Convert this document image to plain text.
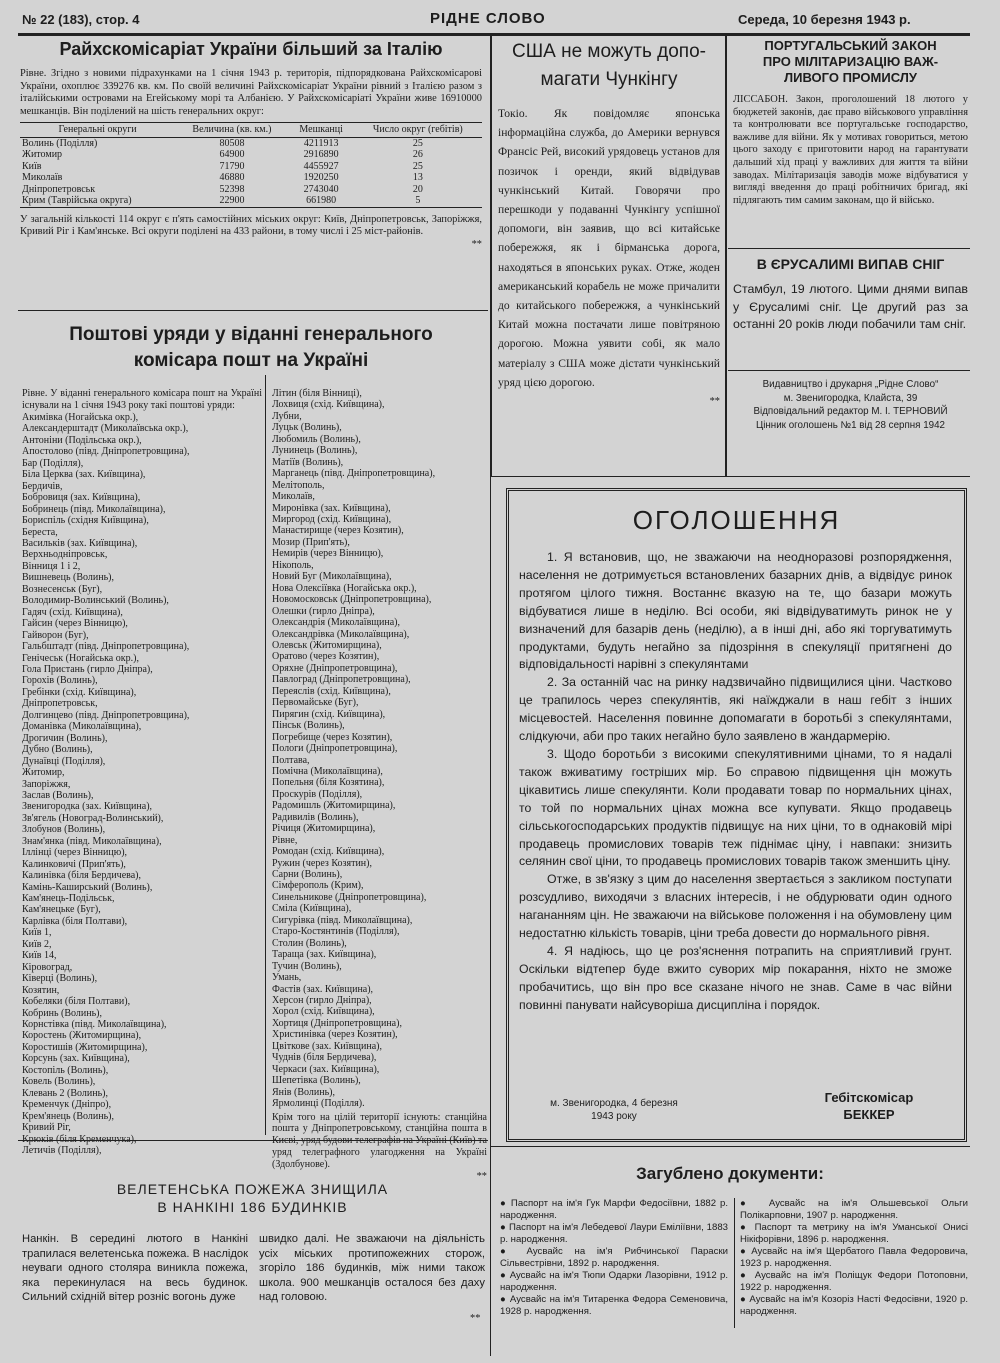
№ 22 (183), стор. 4	РІДНЕ СЛОВО	Середа, 10 березня 1943 р.
Райхскомісаріат України більший за Італію
Рівне. Згідно з новими підрахунками на 1 січня 1943 р. територія, підпорядкована Райхскомісарові України, охоплює 339276 кв. км. По своїй величині Райхскомісаріат України рівний з Італією разом з італійськими островами на Егейському морі та Албанією. У Райхскомісаріаті України живе 16910000 мешканців. Він поділений на шість генеральних округ:
Генеральні округи	Величина (кв. км.)	Мешканці	Число округ (гебітів)
Волинь (Поділля)	80508	4211913	25
Житомир	64900	2916890	26
Київ	71790	4455927	25
Миколаїв	46880	1920250	13
Дніпропетровськ	52398	2743040	20
Крим (Таврійська округа)	22900	661980	5
У загальній кількості 114 округ є п'ять самостійних міських округ: Київ, Дніпропетровськ, Запоріжжя, Кривий Ріг і Кам'янське. Всі округи поділені на 433 райони, в тому числі і 25 міст-районів.
**
США не можуть допо-
магати Чункінгу
Токіо. Як повідомляє японська інформаційна служба, до Америки вернувся Франсіс Рей, високий урядовець установ для позичок і оренди, який відвідував чункінський Китай. Говорячи про перешкоди у подаванні Чункінгу успішної допомоги, він заявив, що всі китайське побережжя, як і бірманська дорога, находяться в японських руках. Отже, жоден американський корабель не може причалити до китайського побережжя, а чункінський Китай можна постачати лише повітряною дорогою. Можна уявити собі, як мало матеріалу з США може дістати чункінський уряд цією дорогою.
**
ПОРТУГАЛЬСЬКИЙ ЗАКОН
ПРО МІЛІТАРИЗАЦІЮ ВАЖ-
ЛИВОГО ПРОМИСЛУ
ЛІССАБОН. Закон, проголошений 18 лютого у бюджетей законів, дає право військового управління та контролювати все португальське господарство, важливе для війни. Як у мотивах говориться, метою цього заходу є приготовити народ на гарантувати дальший хід праці у важливих для життя та війни заводах. Мілітаризація заводів може відбуватися у вигляді введення до праці робітничих бригад, які підлягають тим самим законам, що й військо.
В ЄРУСАЛИМІ ВИПАВ СНІГ
Стамбул, 19 лютого. Цими днями випав у Єрусалимі сніг. Це другий раз за останні 20 років люди побачили там сніг.
Видавництво і друкарня „Рідне Слово“
м. Звенигородка, Клайста, 39
Відповідальний редактор М. І. ТЕРНОВИЙ
Цінник оголошень №1 від 28 серпня 1942
Поштові уряди у віданні генерального
комісара пошт на Україні
Рівне. У віданні генерального комісара пошт на Україні існували на 1 січня 1943 року такі поштові уряди:
Акимівка (Ногайська окр.),
Александерштадт (Миколаївська окр.),
Антоніни (Подільська окр.),
Апостолово (півд. Дніпропетровщина),
Бар (Поділля),
Біла Церква (зах. Київщина),
Бердичів,
Бобровиця (зах. Київщина),
Бобринець (півд. Миколаївщина),
Бориспіль (східня Київщина),
Береста,
Васильків (зах. Київщина),
Верхньодніпровськ,
Вінниця 1 і 2,
Вишневець (Волинь),
Вознесенськ (Буг),
Володимир-Волинський (Волинь),
Гадяч (схід. Київщина),
Гайсин (через Вінницю),
Гайворон (Буг),
Гальбштадт (півд. Дніпропетровщина),
Генічеськ (Ногайська окр.),
Гола Пристань (гирло Дніпра),
Горохів (Волинь),
Гребінки (схід. Київщина),
Дніпропетровськ,
Долгинцево (півд. Дніпропетровщина),
Доманівка (Миколаївщина),
Дрогичин (Волинь),
Дубно (Волинь),
Дунаївці (Поділля),
Житомир,
Запоріжжя,
Заслав (Волинь),
Звенигородка (зах. Київщина),
Зв'ягель (Новоград-Волинський),
Злобунов (Волинь),
Знам'янка (півд. Миколаївщина),
Іллінці (через Вінницю),
Калинковичі (Прип'ять),
Калинівка (біля Бердичева),
Камінь-Каширський (Волинь),
Кам'янець-Подільськ,
Кам'янецьке (Буг),
Карлівка (біля Полтави),
Київ 1,
Київ 2,
Київ 14,
Кіровоград,
Ківерці (Волинь),
Козятин,
Кобеляки (біля Полтави),
Кобринь (Волинь),
Корнстівка (півд. Миколаївщина),
Коростень (Житомирщина),
Коростишів (Житомирщина),
Корсунь (зах. Київщина),
Костопіль (Волинь),
Ковель (Волинь),
Клевань 2 (Волинь),
Кременчук (Дніпро),
Крем'янець (Волинь),
Кривий Ріг,
Летичів (Поділля),
Літин (біля Вінниці),
Лохвиця (схід. Київщина),
Лубни,
Луцьк (Волинь),
Любомиль (Волинь),
Лунинець (Волинь),
Матіїв (Волинь),
Марганець (півд. Дніпропетровщина),
Мелітополь,
Миколаїв,
Миронівка (зах. Київщина),
Миргород (схід. Київщина),
Манастирище (через Козятин),
Мозир (Прип'ять),
Немирів (через Вінницю),
Нікополь,
Новий Буг (Миколаївщина),
Нова Олексіївка (Ногайська окр.),
Новомосковськ (Дніпропетровщина),
Олешки (гирло Дніпра),
Олександрія (Миколаївщина),
Олександрівка (Миколаївщина),
Олевськ (Житомирщина),
Оратово (через Козятин),
Оряхне (Дніпропетровщина),
Павлоград (Дніпропетровщина),
Переяслів (схід. Київщина),
Первомайське (Буг),
Пирягин (схід. Київщина),
Пінськ (Волинь),
Погребище (через Козятин),
Пологи (Дніпропетровщина),
Полтава,
Помічна (Миколаївщина),
Попельня (біля Козятина),
Проскурів (Поділля),
Радомишль (Житомирщина),
Радивилів (Волинь),
Річиця (Житомирщина),
Рівне,
Ромодан (схід. Київщина),
Ружин (через Козятин),
Сарни (Волинь),
Сімферополь (Крим),
Синельникове (Дніпропетровщина),
Сміла (Київщина),
Сигурівка (півд. Миколаївщина),
Старо-Костянтинів (Поділля),
Столин (Волинь),
Тараща (зах. Київщина),
Тучин (Волинь),
Умань,
Фастів (зах. Київщина),
Херсон (гирло Дніпра),
Хорол (схід. Київщина),
Хортиця (Дніпропетровщина),
Христинівка (через Козятин),
Цвіткове (зах. Київщина),
Чуднів (біля Бердичева),
Черкаси (зах. Київщина),
Шепетівка (Волинь),
Янів (Волинь),
Ярмолинці (Поділля).
Крім того на цілій території існують: станційна пошта у Дніпропетровському, станційна пошта в уряд телеграфного улагодження на Україні (Здолбунове).
**
ОГОЛОШЕННЯ
1. Я встановив, що, не зважаючи на неодноразові розпорядження, населення не дотримується встановлених базарних днів, а відвідує ринок протягом цілого тижня. Востаннє вказую на те, що базари можуть відбуватися лише в неділю. Всі особи, які відвідуватимуть ринок не у визначений для базарів день (неділю), а в інші дні, або які торгуватимуть продуктами, будуть негайно за підозріння в спекуляції притягнені до відповідальності нарівні з спекулянтами
2. За останній час на ринку надзвичайно підвищилися ціни. Частково це трапилось через спекулянтів, які наїжджали в наш гебіт з інших місцевостей. Населення повинне допомагати в боротьбі з спекулянтами, слідкуючи, аби про таких негайно було заявлено в жандармерію.
3. Щодо боротьби з високими спекулятивними цінами, то я надалі також вживатиму гостріших мір. Бо справою підвищення цін можуть цікавитись лише спекулянти. Коли продавати товар по нормальних цінах, то той по нормальних цінах можна все купувати. Якщо продавець сільськогосподарських продуктів підвищує на них ціни, то в однаковій мірі продавець промислових товарів теж піднімає ціну, і навпаки: знизить селянин свої ціни, то продавець промислових товарів також зменшить ціну.
Отже, в зв'язку з цим до населення звертається з закликом поступати розсудливо, виходячи з власних інтересів, і не обдурювати один одного нагананням цін. Не зважаючи на військове положення і на обумовлену цим недостатню кількість товарів, ціни треба довести до нормального рівня.
4. Я надіюсь, що це роз'яснення потрапить на сприятливий грунт. Оскільки відтепер буде вжито суворих мір покарання, ніхто не зможе пробачитись, що він про все сказане нічого не знав. Саме в час війни повинні панувати найсуворіша дисципліна і порядок.
м. Звенигородка, 4 березня
1943 року
Гебітскомісар
БЕККЕР
ВЕЛЕТЕНСЬКА ПОЖЕЖА ЗНИЩИЛА
В НАНКІНІ 186 БУДИНКІВ
Нанкін. В середині лютого в Нанкіні трапилася велетенська пожежа. В наслідок неуваги одного столяра виникла пожежа, яка перекинулася на весь будинок. Сильний східній вітер розніс вогонь дуже
швидко далі. Не зважаючи на діяльність усіх міських протипожежних сторож, згоріло 186 будинків, між ними також школа. 900 мешканців осталося без даху над головою.
**
Загублено документи:
● Паспорт на ім'я Гук Марфи Федосіївни, 1882 р. народження.
● Паспорт на ім'я Лебедевої Лаури Еміліївни, 1883 р. народження.
● Аусвайс на ім'я Рибчинської Параски Сільвестрівни, 1892 р. народження.
● Аусвайс на ім'я Тюпи Одарки Лазорівни, 1912 р. народження.
● Аусвайс на ім'я Титаренка Федора Семеновича, 1928 р. народження.
● Аусвайс на ім'я Ольшевської Ольги Полікарповни, 1907 р. народження.
● Паспорт та метрику на ім'я Уманської Онисі Нікіфорівни, 1896 р. народження.
● Аусвайс на ім'я Щербатого Павла Федоровича, 1923 р. народження.
● Аусвайс на ім'я Поліщук Федори Потоповни, 1922 р. народження.
● Аусвайс на ім'я Козоріз Насті Федосівни, 1920 р. народження.
